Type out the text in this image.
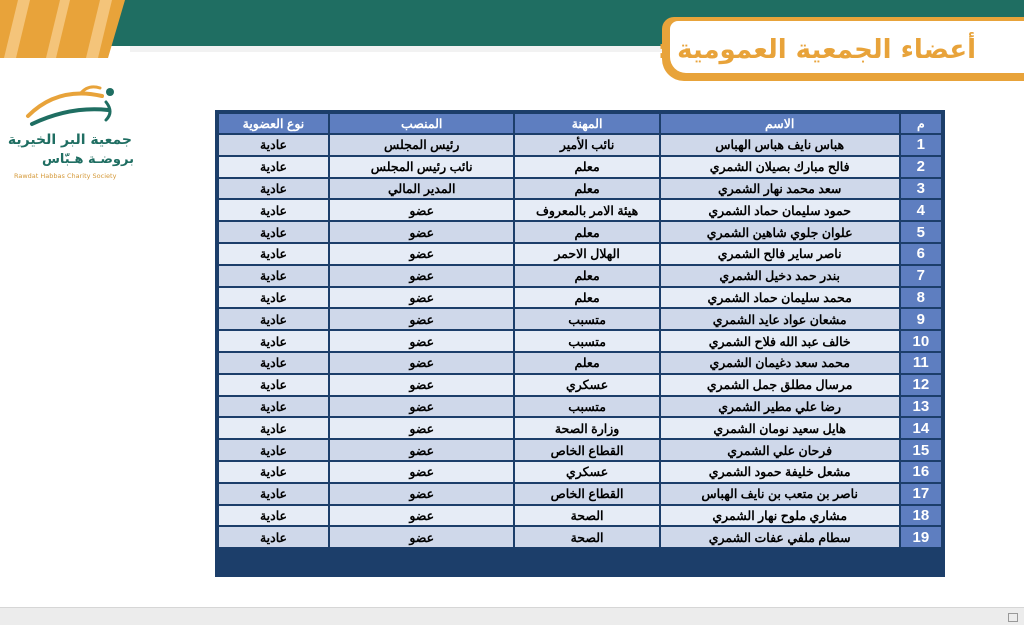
أعضاء الجمعية العمومية :
جمعية البر الخيرية
بروضـة هـبّاس
Rawdat Habbas Charity Society
م	الاسم	المهنة	المنصب	نوع العضوية
1	هباس نايف هباس الهباس	نائب الأمير	رئيس المجلس	عادية
2	فالح مبارك بصيلان الشمري	معلم	نائب رئيس المجلس	عادية
3	سعد محمد نهار الشمري	معلم	المدير المالي	عادية
4	حمود سليمان حماد الشمري	هيئة الامر بالمعروف	عضو	عادية
5	علوان جلوي شاهين الشمري	معلم	عضو	عادية
6	ناصر ساير فالح الشمري	الهلال الاحمر	عضو	عادية
7	بندر حمد دخيل الشمري	معلم	عضو	عادية
8	محمد سليمان حماد الشمري	معلم	عضو	عادية
9	مشعان عواد عايد الشمري	متسبب	عضو	عادية
10	خالف عبد الله فلاح الشمري	متسبب	عضو	عادية
11	محمد سعد دغيمان الشمري	معلم	عضو	عادية
12	مرسال مطلق جمل الشمري	عسكري	عضو	عادية
13	رضا علي مطير الشمري	متسبب	عضو	عادية
14	هايل سعيد نومان الشمري	وزارة الصحة	عضو	عادية
15	فرحان علي الشمري	القطاع الخاص	عضو	عادية
16	مشعل خليفة حمود الشمري	عسكري	عضو	عادية
17	ناصر بن متعب بن نايف الهباس	القطاع الخاص	عضو	عادية
18	مشاري ملوح نهار الشمري	الصحة	عضو	عادية
19	سطام ملفي عفات الشمري	الصحة	عضو	عادية
